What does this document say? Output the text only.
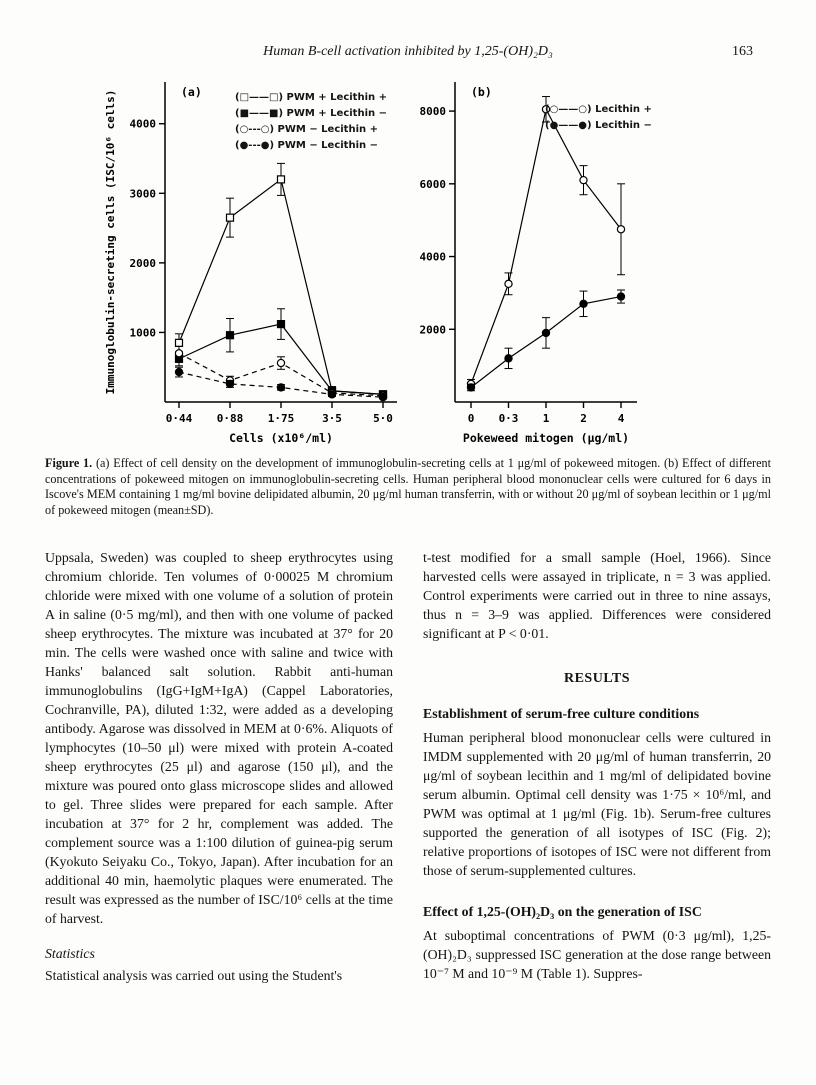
Human B-cell activation inhibited by 1,25-(OH)₂D₃	163
1000
2000
3000
4000
0·44 0·88 1·75	3·5	5·0
Cells (x10⁶/ml)
(a)
Immunoglobulin-secreting cells (ISC/10⁶ cells)	2000
4000
6000
8000
0 0·3 1	2	4
Pokeweed mitogen (μg/ml)
(b)
(□——□) PWM + Lecithin +
(■——■) PWM + Lecithin −
(○---○) PWM − Lecithin +
(●---●) PWM − Lecithin −
(○——○) Lecithin +
(●——●) Lecithin −
Figure 1. (a) Effect of cell density on the development of immunoglobulin-secreting cells at 1 μg/ml of pokeweed mitogen. (b) Effect of different concentrations of pokeweed mitogen on immunoglobulin-secreting cells. Human peripheral blood mononuclear cells were cultured for 6 days in Iscove's MEM containing 1 mg/ml bovine delipidated albumin, 20 μg/ml human transferrin, with or without 20 μg/ml of soybean lecithin or 1 μg/ml of pokeweed mitogen (mean±SD).

Uppsala, Sweden) was coupled to sheep erythrocytes using chromium chloride. Ten volumes of 0·00025 M chromium chloride were mixed with one volume of a solution of protein A in saline (0·5 mg/ml), and then with one volume of packed sheep erythrocytes. The mixture was incubated at 37° for 20 min. The cells were washed once with saline and twice with Hanks' balanced salt solution. Rabbit anti-human immunoglobulins (IgG+IgM+IgA) (Cappel Laboratories, Cochranville, PA), diluted 1:32, were added as a developing antibody. Agarose was dissolved in MEM at 0·6%. Aliquots of lymphocytes (10–50 μl) were mixed with protein A-coated sheep erythrocytes (25 μl) and agarose (150 μl), and the mixture was poured onto glass microscope slides and allowed to gel. Three slides were prepared for each sample. After incubation at 37° for 2 hr, complement was added. The complement source was a 1:100 dilution of guinea-pig serum (Kyokuto Seiyaku Co., Tokyo, Japan). After incubation for an additional 40 min, haemolytic plaques were enumerated. The result was expressed as the number of ISC/10⁶ cells at the time of harvest.

Statistics

Statistical analysis was carried out using the Student's

t-test modified for a small sample (Hoel, 1966). Since harvested cells were assayed in triplicate, n = 3 was applied. Control experiments were carried out in three to nine assays, thus n = 3–9 was applied. Differences were considered significant at P < 0·01.

RESULTS
Establishment of serum-free culture conditions

Human peripheral blood mononuclear cells were cultured in IMDM supplemented with 20 μg/ml of human transferrin, 20 μg/ml of soybean lecithin and 1 mg/ml of delipidated bovine serum albumin. Optimal cell density was 1·75 × 10⁶/ml, and PWM was optimal at 1 μg/ml (Fig. 1b). Serum-free cultures supported the generation of all isotypes of ISC (Fig. 2); relative proportions of isotopes of ISC were not different from those of serum-supplemented cultures.

Effect of 1,25-(OH)₂D₃ on the generation of ISC

At suboptimal concentrations of PWM (0·3 μg/ml), 1,25-(OH)₂D₃ suppressed ISC generation at the dose range between 10⁻⁷ M and 10⁻⁹ M (Table 1). Suppres-
